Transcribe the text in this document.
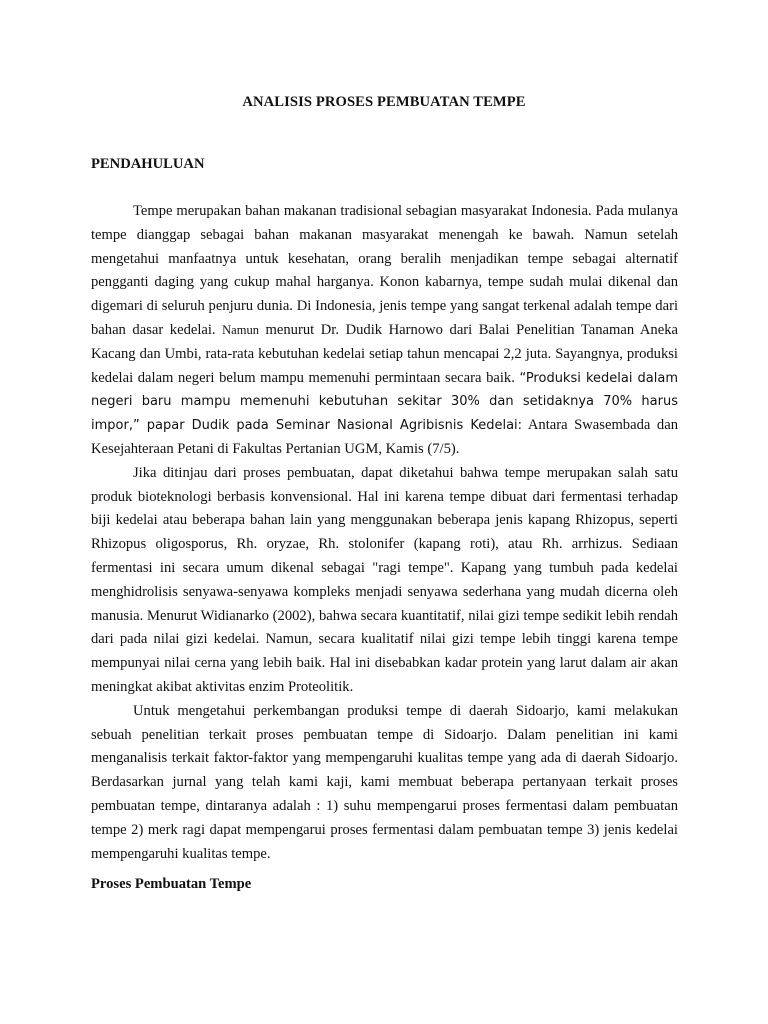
ANALISIS PROSES PEMBUATAN TEMPE
PENDAHULUAN

Tempe merupakan bahan makanan tradisional sebagian masyarakat Indonesia. Pada mulanya tempe dianggap sebagai bahan makanan masyarakat menengah ke bawah. Namun setelah mengetahui manfaatnya untuk kesehatan, orang beralih menjadikan tempe sebagai alternatif pengganti daging yang cukup mahal harganya. Konon kabarnya, tempe sudah mulai dikenal dan digemari di seluruh penjuru dunia. Di Indonesia, jenis tempe yang sangat terkenal adalah tempe dari bahan dasar kedelai. Namun menurut Dr. Dudik Harnowo dari Balai Penelitian Tanaman Aneka Kacang dan Umbi, rata-rata kebutuhan kedelai setiap tahun mencapai 2,2 juta. Sayangnya, produksi kedelai dalam negeri belum mampu memenuhi permintaan secara baik. “Produksi kedelai dalam negeri baru mampu memenuhi kebutuhan sekitar 30% dan setidaknya 70% harus impor,” papar Dudik pada Seminar Nasional Agribisnis Kedelai: Antara Swasembada dan Kesejahteraan Petani di Fakultas Pertanian UGM, Kamis (7/5).

Jika ditinjau dari proses pembuatan, dapat diketahui bahwa tempe merupakan salah satu produk bioteknologi berbasis konvensional. Hal ini karena tempe dibuat dari fermentasi terhadap biji kedelai atau beberapa bahan lain yang menggunakan beberapa jenis kapang Rhizopus, seperti Rhizopus oligosporus, Rh. oryzae, Rh. stolonifer (kapang roti), atau Rh. arrhizus. Sediaan fermentasi ini secara umum dikenal sebagai "ragi tempe". Kapang yang tumbuh pada kedelai menghidrolisis senyawa-senyawa kompleks menjadi senyawa sederhana yang mudah dicerna oleh manusia. Menurut Widianarko (2002), bahwa secara kuantitatif, nilai gizi tempe sedikit lebih rendah dari pada nilai gizi kedelai. Namun, secara kualitatif nilai gizi tempe lebih tinggi karena tempe mempunyai nilai cerna yang lebih baik. Hal ini disebabkan kadar protein yang larut dalam air akan meningkat akibat aktivitas enzim Proteolitik.

Untuk mengetahui perkembangan produksi tempe di daerah Sidoarjo, kami melakukan sebuah penelitian terkait proses pembuatan tempe di Sidoarjo. Dalam penelitian ini kami menganalisis terkait faktor-faktor yang mempengaruhi kualitas tempe yang ada di daerah Sidoarjo. Berdasarkan jurnal yang telah kami kaji, kami membuat beberapa pertanyaan terkait proses pembuatan tempe, dintaranya adalah : 1) suhu mempengarui proses fermentasi dalam pembuatan tempe 2) merk ragi dapat mempengarui proses fermentasi dalam pembuatan tempe 3) jenis kedelai mempengaruhi kualitas tempe.

Proses Pembuatan Tempe
